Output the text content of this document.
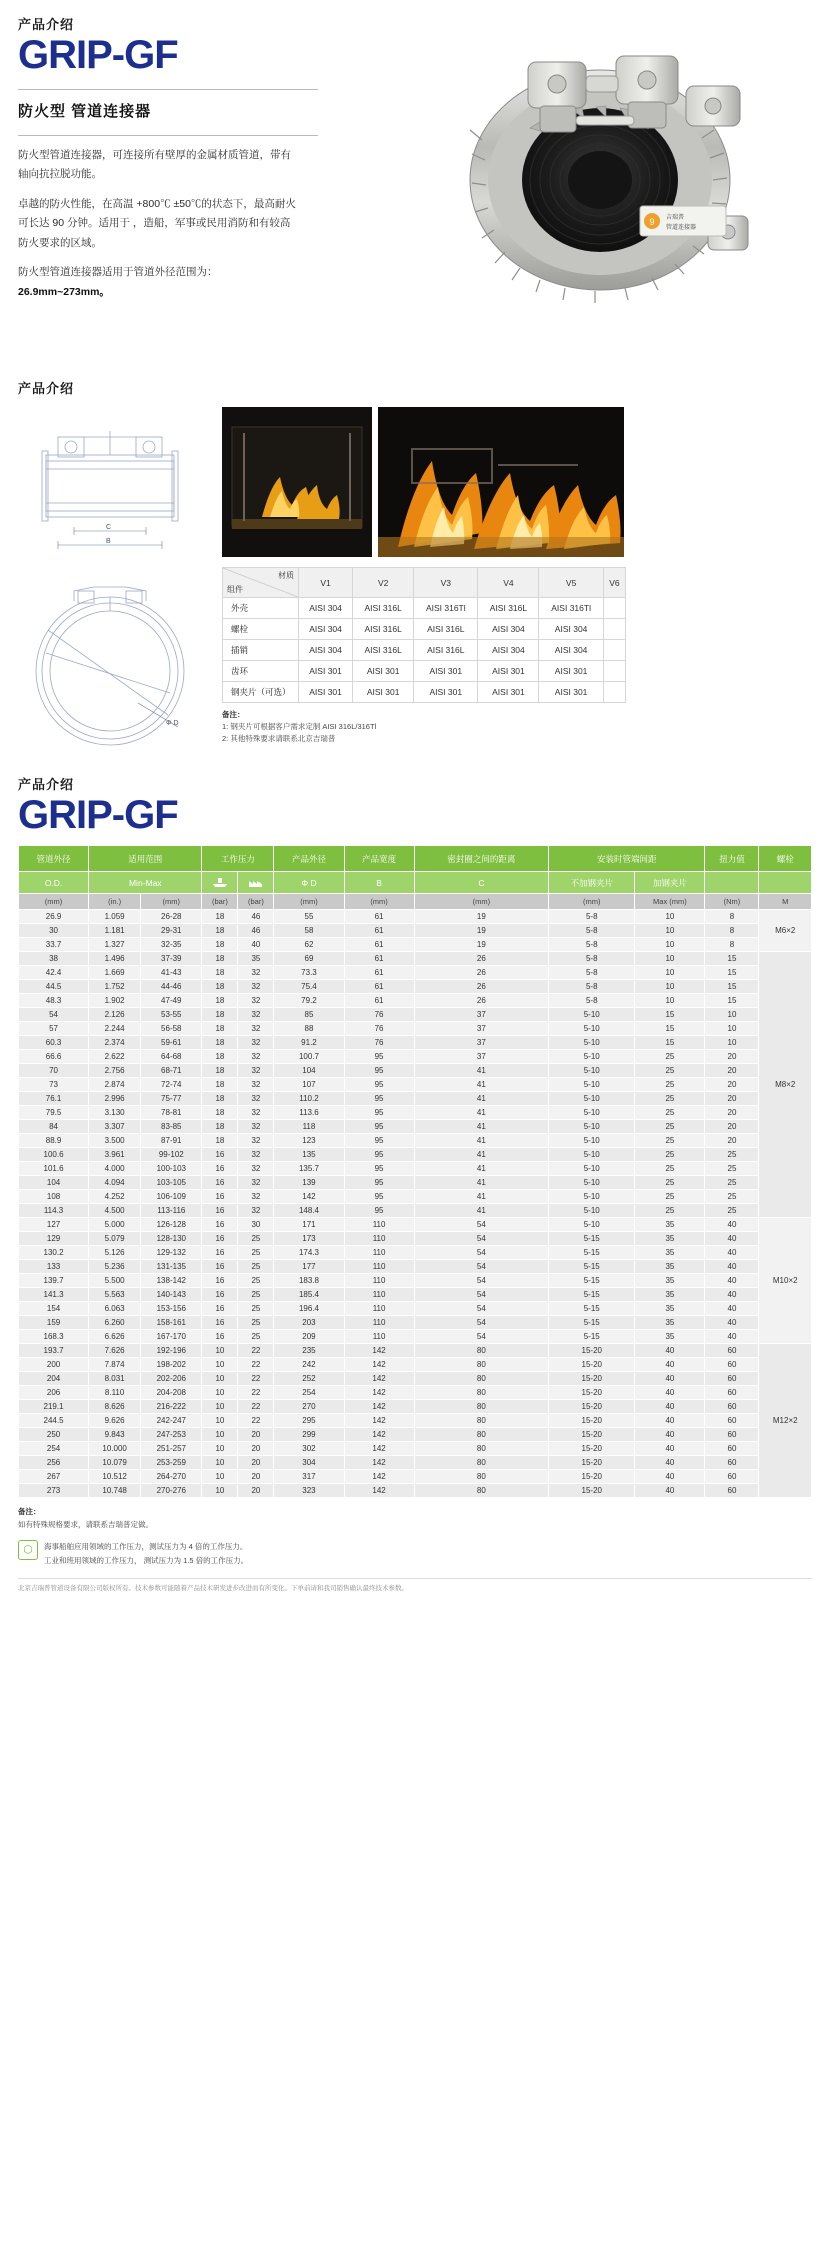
产品介绍
GRIP-GF
防火型 管道连接器

防火型管道连接器，可连接所有壁厚的金属材质管道，带有轴向抗拉脱功能。

卓越的防火性能，在高温 +800℃ ±50℃的状态下，最高耐火可长达 90 分钟。适用于 ，造船，军事或民用消防和有较高防火要求的区域。

防火型管道连接器适用于管道外径范围为：

26.9mm~273mm。

9 吉瑞普
管道连接器
产品介绍
C
B
Φ D
材质
组件	V1	V2	V3	V4	V5	V6
外壳	AISI 304	AISI 316L	AISI 316Tl	AISI 316L	AISI 316Tl	
螺栓	AISI 304	AISI 316L	AISI 316L	AISI 304	AISI 304	
插销	AISI 304	AISI 316L	AISI 316L	AISI 304	AISI 304	
齿环	AISI 301	AISI 301	AISI 301	AISI 301	AISI 301	
钢夹片（可选）	AISI 301	AISI 301	AISI 301	AISI 301	AISI 301	
备注：
1: 钢夹片可根据客户需求定制 AISI 316L/316Tl
2: 其他特殊要求请联系北京吉瑞普
产品介绍
GRIP-GF
管道外径	适用范围		工作压力		产品外径	产品宽度	密封圈之间的距离	安装时管端间距		扭力值	螺栓
O.D.	Min-Max				Φ D	B	C	不加钢夹片	加钢夹片		
(mm)	(in.)	(mm)	(bar)	(bar)	(mm)	(mm)	(mm)	(mm)	Max (mm)	(Nm)	M
26.9	1.059	26-28	18	46	55	61	19	5-8	10	8	M6×2
30	1.181	29-31	18	46	58	61	19	5-8	10	8	
33.7	1.327	32-35	18	40	62	61	19	5-8	10	8	
38	1.496	37-39	18	35	69	61	26	5-8	10	15	M8×2
42.4	1.669	41-43	18	32	73.3	61	26	5-8	10	15	
44.5	1.752	44-46	18	32	75.4	61	26	5-8	10	15	
48.3	1.902	47-49	18	32	79.2	61	26	5-8	10	15	
54	2.126	53-55	18	32	85	76	37	5-10	15	10	
57	2.244	56-58	18	32	88	76	37	5-10	15	10	
60.3	2.374	59-61	18	32	91.2	76	37	5-10	15	10	
66.6	2.622	64-68	18	32	100.7	95	37	5-10	25	20	
70	2.756	68-71	18	32	104	95	41	5-10	25	20	
73	2.874	72-74	18	32	107	95	41	5-10	25	20	
76.1	2.996	75-77	18	32	110.2	95	41	5-10	25	20	
79.5	3.130	78-81	18	32	113.6	95	41	5-10	25	20	
84	3.307	83-85	18	32	118	95	41	5-10	25	20	
88.9	3.500	87-91	18	32	123	95	41	5-10	25	20	
100.6	3.961	99-102	16	32	135	95	41	5-10	25	25	
101.6	4.000	100-103	16	32	135.7	95	41	5-10	25	25	
104	4.094	103-105	16	32	139	95	41	5-10	25	25	
108	4.252	106-109	16	32	142	95	41	5-10	25	25	
114.3	4.500	113-116	16	32	148.4	95	41	5-10	25	25	
127	5.000	126-128	16	30	171	110	54	5-10	35	40	M10×2
129	5.079	128-130	16	25	173	110	54	5-15	35	40	
130.2	5.126	129-132	16	25	174.3	110	54	5-15	35	40	
133	5.236	131-135	16	25	177	110	54	5-15	35	40	
139.7	5.500	138-142	16	25	183.8	110	54	5-15	35	40	
141.3	5.563	140-143	16	25	185.4	110	54	5-15	35	40	
154	6.063	153-156	16	25	196.4	110	54	5-15	35	40	
159	6.260	158-161	16	25	203	110	54	5-15	35	40	
168.3	6.626	167-170	16	25	209	110	54	5-15	35	40	
193.7	7.626	192-196	10	22	235	142	80	15-20	40	60	M12×2
200	7.874	198-202	10	22	242	142	80	15-20	40	60	
204	8.031	202-206	10	22	252	142	80	15-20	40	60	
206	8.110	204-208	10	22	254	142	80	15-20	40	60	
219.1	8.626	216-222	10	22	270	142	80	15-20	40	60	
244.5	9.626	242-247	10	22	295	142	80	15-20	40	60	
250	9.843	247-253	10	20	299	142	80	15-20	40	60	
254	10.000	251-257	10	20	302	142	80	15-20	40	60	
256	10.079	253-259	10	20	304	142	80	15-20	40	60	
267	10.512	264-270	10	20	317	142	80	15-20	40	60	
273	10.748	270-276	10	20	323	142	80	15-20	40	60	
备注：
如有特殊规格要求，请联系吉瑞普定做。
⬡	海事船舶应用领域的工作压力，测试压力为 4 倍的工作压力。
工业和班用领域的工作压力， 测试压力为 1.5 倍的工作压力。
北京吉瑞普管道设备有限公司版权所有。技术参数可能随着产品技术研发进步改进而有所变化。下单前请和我司销售确认最终技术参数。
